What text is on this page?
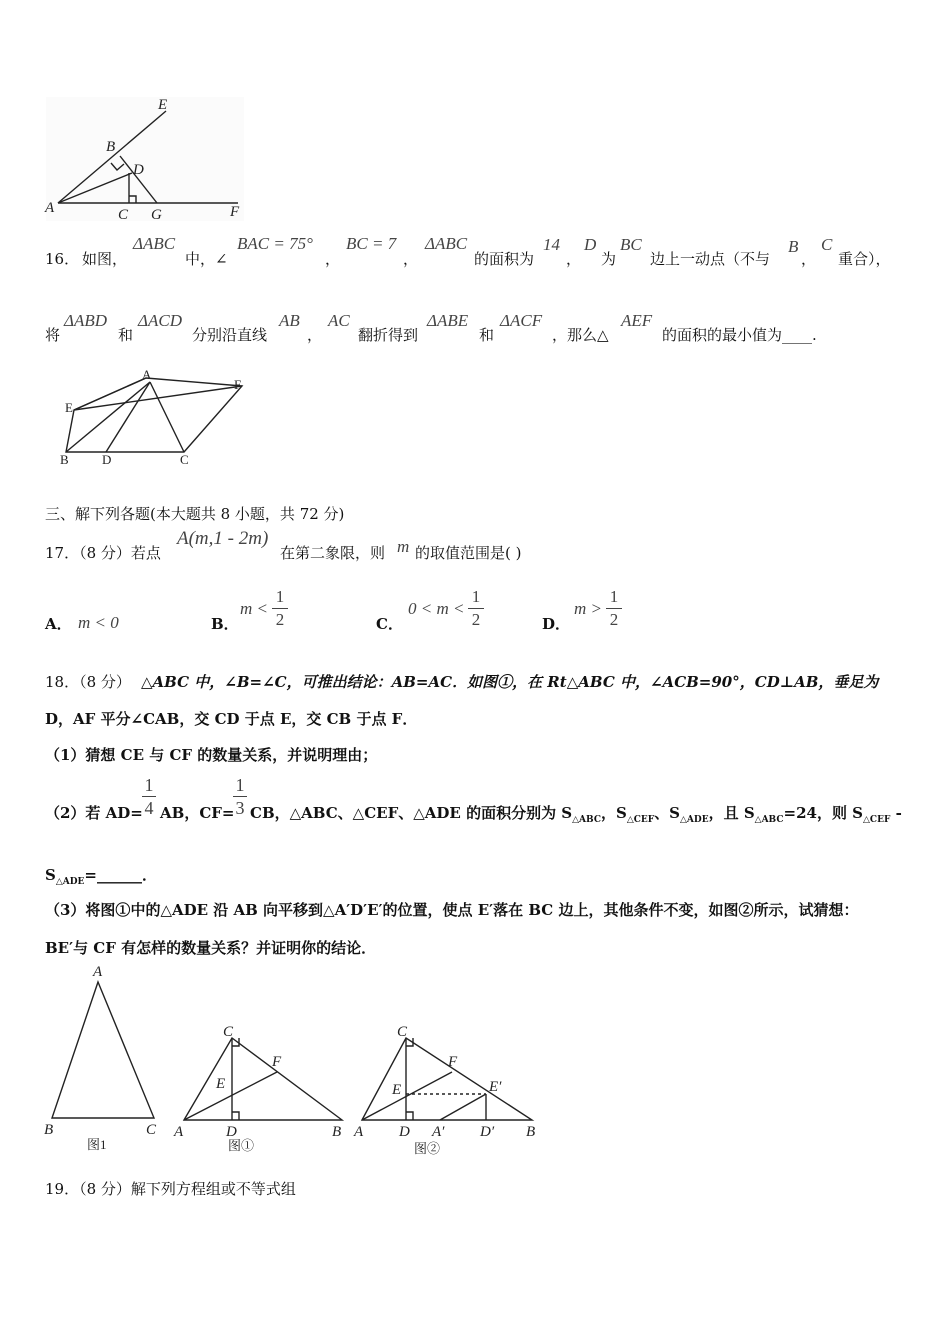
E
B
D
A	C G	F
16． 如图，
ΔABC
中，∠
BAC = 75°
，
BC = 7
，
ΔABC
的面积为
14
，
D
为
BC
边上一动点（不与
B
，
C
重合），
将
ΔABD
和
ΔACD
分别沿直线
AB
，
AC
翻折得到
ΔABE
和
ΔACF
，那么△
AEF
的面积的最小值为____.
A
F
E
B	D	C
三、解下列各题(本大题共 8 小题，共 72 分)
17．（8 分）若点
A(m,1 - 2m)
在第二象限，则 m 的取值范围是( )
A． m < 0	B．
m <
1
2	C．
0 < m <
1
2	D．
m >
1
2
18．（8 分） △ABC 中，∠B=∠C，可推出结论：AB=AC．如图①，在 Rt△ABC 中，∠ACB=90°，CD⊥AB，垂足为
D，AF 平分∠CAB，交 CD 于点 E，交 CB 于点 F．
（1）猜想 CE 与 CF 的数量关系，并说明理由；
（2）若 AD=
1
4 AB，CF=
1
3 CB，△ABC、△CEF、△ADE 的面积分别为 $S_{\triangle ABC}$，$S_{\triangle CEF}$、$S_{\triangle ADE}$，且 $S_{\triangle ABC}=24$，则 $S_{\triangle CEF}$ -
$S_{\triangle ADE}=\_\_\_\_\_\_$．
（3）将图①中的△ADE 沿 AB 向平移到△A′D′E′的位置，使点 E′落在 BC 边上，其他条件不变，如图②所示，试猜想：
BE′与 CF 有怎样的数量关系？并证明你的结论．
A
B	C
图1
C
F
E
A	D	B
图①
C
F
E	E′
A D A′ D′ B
图②
19．（8 分）解下列方程组或不等式组
